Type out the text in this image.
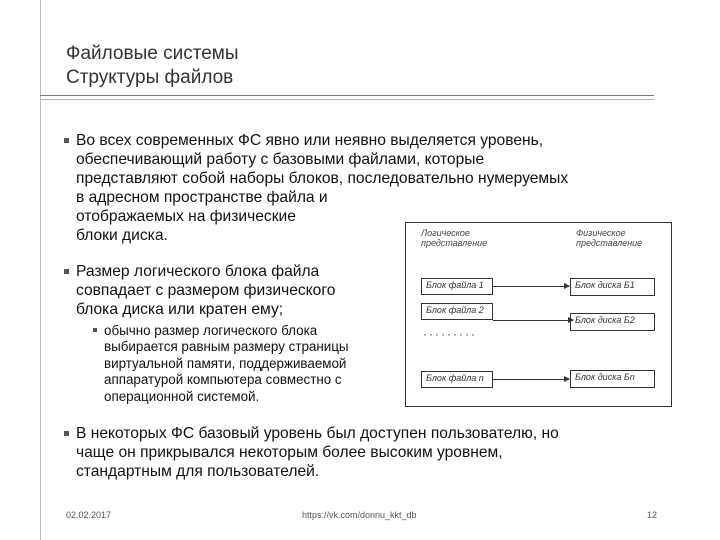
Файловые системы
Структуры файлов
Во всех современных ФС явно или неявно выделяется уровень,
обеспечивающий работу с базовыми файлами, которые
представляют собой наборы блоков, последовательно нумеруемых
в адресном пространстве файла и
отображаемых на физические
блоки диска.
Размер логического блока файла
совпадает с размером физического
блока диска или кратен ему;
обычно размер логического блока
выбирается равным размеру страницы
виртуальной памяти, поддерживаемой
аппаратурой компьютера совместно с
операционной системой.
В некоторых ФС базовый уровень был доступен пользователю, но
чаще он прикрывался некоторым более высоким уровнем,
стандартным для пользователей.
Логическое
представление
Физическое
представление
Блок файла 1
Блок файла 2
·········
Блок файла n
Блок диска Б1
Блок диска Б2
Блок диска Бn
02.02.2017	https://vk.com/donnu_kkt_db	12
